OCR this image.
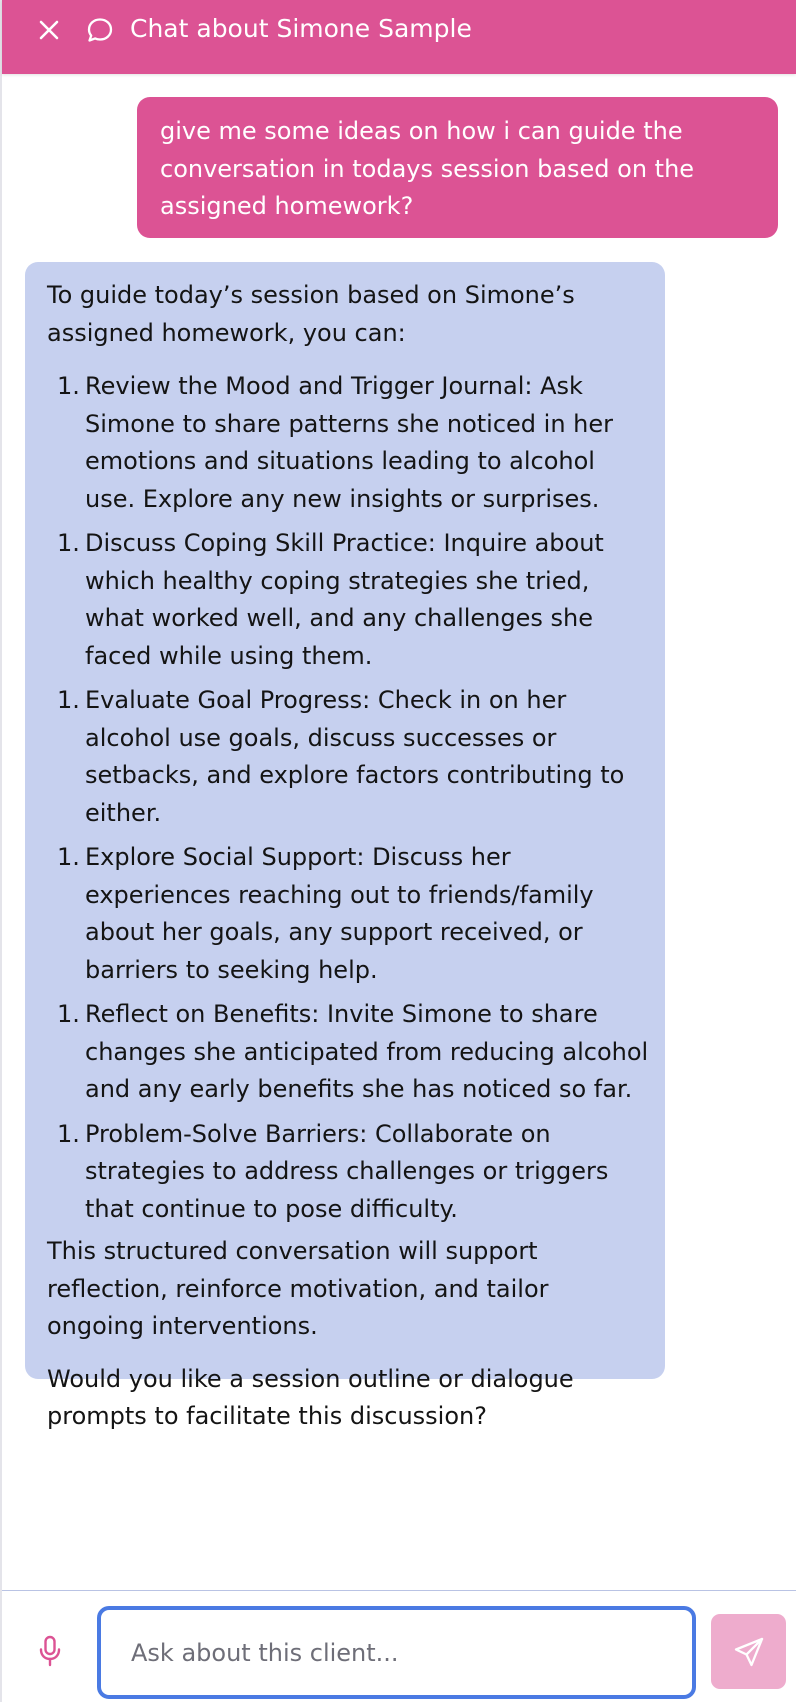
Chat about Simone Sample
give me some ideas on how i can guide the conversation in todays session based on the assigned homework?

To guide today’s session based on Simone’s assigned homework, you can:

1. Review the Mood and Trigger Journal: Ask Simone to share patterns she noticed in her emotions and situations leading to alcohol use. Explore any new insights or surprises.
1. Discuss Coping Skill Practice: Inquire about which healthy coping strategies she tried, what worked well, and any challenges she faced while using them.
1. Evaluate Goal Progress: Check in on her alcohol use goals, discuss successes or setbacks, and explore factors contributing to either.
1. Explore Social Support: Discuss her experiences reaching out to friends/family about her goals, any support received, or barriers to seeking help.
1. Reflect on Benefits: Invite Simone to share changes she anticipated from reducing alcohol and any early benefits she has noticed so far.
1. Problem-Solve Barriers: Collaborate on strategies to address challenges or triggers that continue to pose difficulty.

This structured conversation will support reflection, reinforce motivation, and tailor ongoing interventions.

Would you like a session outline or dialogue prompts to facilitate this discussion?

Ask about this client...
